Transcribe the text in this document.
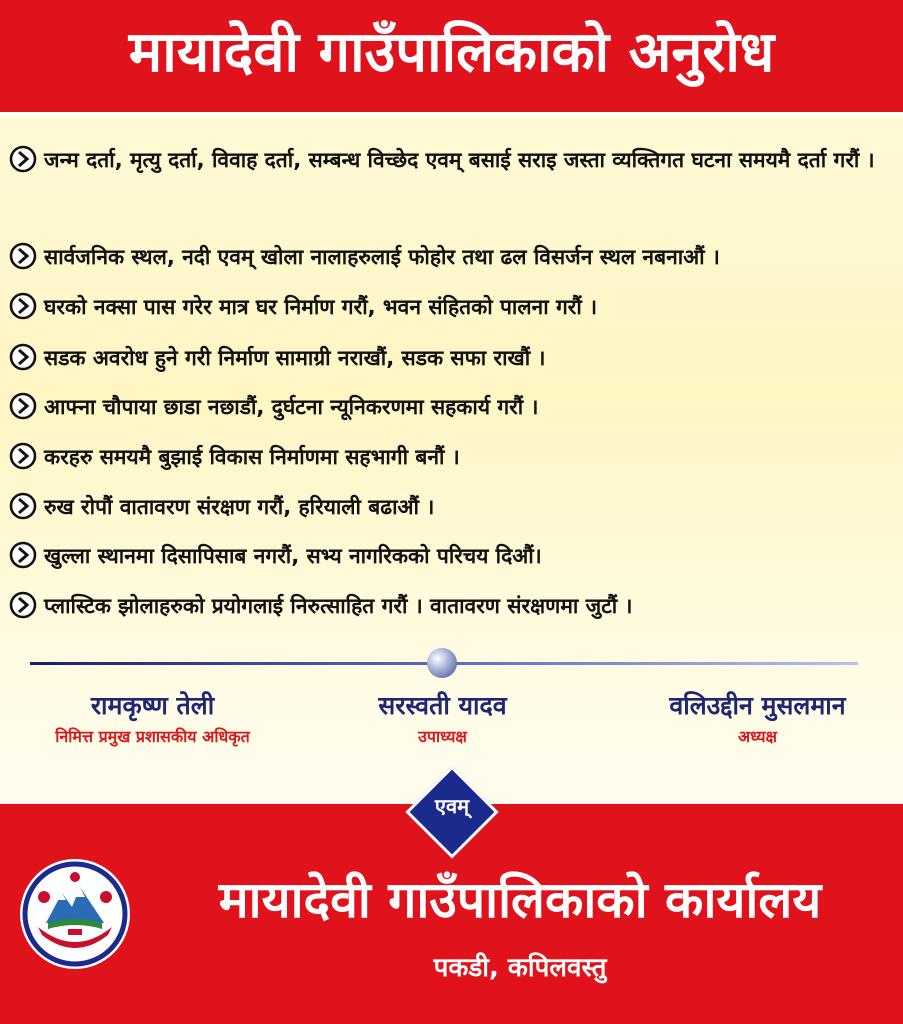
मायादेवी गाउँपालिकाको अनुरोध
जन्म दर्ता, मृत्यु दर्ता, विवाह दर्ता, सम्बन्ध विच्छेद एवम् बसाई सराइ जस्ता व्यक्तिगत घटना समयमै दर्ता गरौं ।
सार्वजनिक स्थल, नदी एवम् खोला नालाहरुलाई फोहोर तथा ढल विसर्जन स्थल नबनाऔं ।
घरको नक्सा पास गरेर मात्र घर निर्माण गरौं, भवन संहितको पालना गरौं ।
सडक अवरोध हुने गरी निर्माण सामाग्री नराखौं, सडक सफा राखौं ।
आफ्ना चौपाया छाडा नछाडौं, दुर्घटना न्यूनिकरणमा सहकार्य गरौं ।
करहरु समयमै बुझाई विकास निर्माणमा सहभागी बनौं ।
रुख रोपौं वातावरण संरक्षण गरौं, हरियाली बढाऔं ।
खुल्ला स्थानमा दिसापिसाब नगरौं, सभ्य नागरिकको परिचय दिऔं।
प्लास्टिक झोलाहरुको प्रयोगलाई निरुत्साहित गरौं । वातावरण संरक्षणमा जुटौं ।
रामकृष्ण तेली
निमित्त प्रमुख प्रशासकीय अधिकृत
सरस्वती यादव
उपाध्यक्ष
वलिउद्दीन मुसलमान
अध्यक्ष
एवम्
मायादेवी गाउँपालिकाको कार्यालय
पकडी, कपिलवस्तु
